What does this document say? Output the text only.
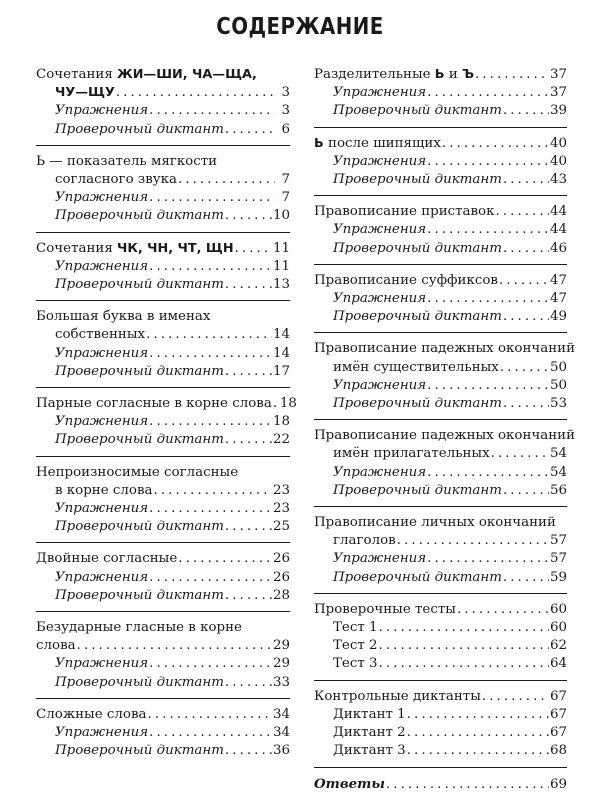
СОДЕРЖАНИЕ
Сочетания ЖИ—ШИ, ЧА—ЩА,
ЧУ—ЩУ . . .	3
Упражнения . . .	3
Проверочный диктант . . .	6
Ь — показатель мягкости
согласного звука . . .	7
Упражнения . . .	7
Проверочный диктант . . .	10
Сочетания ЧК, ЧН, ЧТ, ЩН . . .	11
Упражнения . . .	11
Проверочный диктант . . .	13
Большая буква в именах
собственных . . .	14
Упражнения . . .	14
Проверочный диктант . . .	17
Парные согласные в корне слова . . . 18
Упражнения . . .	18
Проверочный диктант . . .	22
Непроизносимые согласные
в корне слова . . .	23
Упражнения . . .	23
Проверочный диктант . . .	25
Двойные согласные . . .	26
Упражнения . . .	26
Проверочный диктант . . .	28
Безударные гласные в корне
слова . . .	29
Упражнения . . .	29
Проверочный диктант . . .	33
Сложные слова . . .	34
Упражнения . . .	34
Проверочный диктант . . .	36
Разделительные Ь и Ъ . . .	37
Упражнения . . .	37
Проверочный диктант . . .	39
Ь после шипящих . . .	40
Упражнения . . .	40
Проверочный диктант . . .	43
Правописание приставок . . .	44
Упражнения . . .	44
Проверочный диктант . . .	46
Правописание суффиксов . . .	47
Упражнения . . .	47
Проверочный диктант . . .	49
Правописание падежных окончаний
имён существительных . . .	50
Упражнения . . .	50
Проверочный диктант . . .	53
Правописание падежных окончаний
имён прилагательных . . .	54
Упражнения . . .	54
Проверочный диктант . . .	56
Правописание личных окончаний
глаголов . . .	57
Упражнения . . .	57
Проверочный диктант . . .	59
Проверочные тесты . . .	60
Тест 1 . . .	60
Тест 2 . . .	62
Тест 3 . . .	64
Контрольные диктанты . . .	67
Диктант 1 . . .	67
Диктант 2 . . .	67
Диктант 3 . . .	68
Ответы . . .	69
